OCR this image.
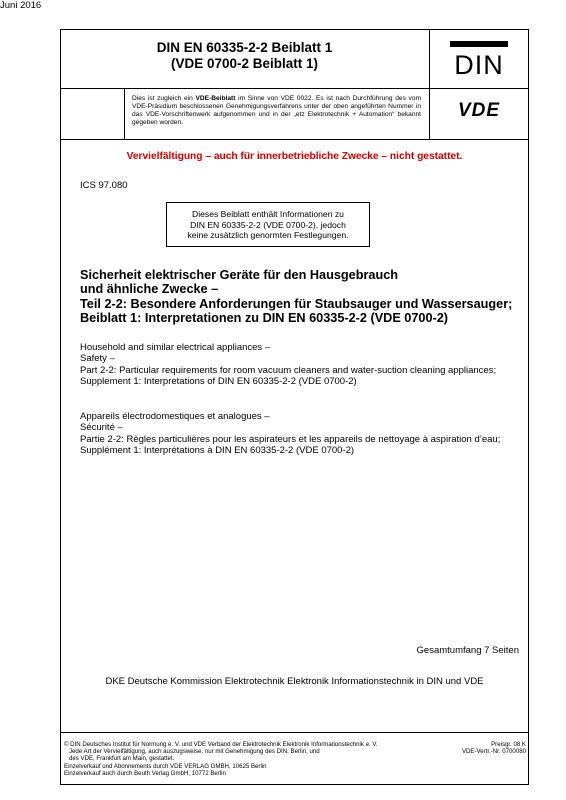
Juni 2016
DIN EN 60335-2-2 Beiblatt 1
(VDE 0700-2 Beiblatt 1)
Dies ist zugleich ein VDE-Beiblatt im Sinne von VDE 0022. Es ist nach Durchführung des vom VDE-Präsidium beschlossenen Genehmigungsverfahrens unter der oben angeführten Nummer in das VDE-Vorschriftenwerk aufgenommen und in der „etz Elektrotechnik + Automation“ bekannt gegeben worden.
DIN
VDE
Vervielfältigung – auch für innerbetriebliche Zwecke – nicht gestattet.
ICS 97.080
Dieses Beiblatt enthält Informationen zu
DIN EN 60335-2-2 (VDE 0700-2), jedoch
keine zusätzlich genormten Festlegungen.
Sicherheit elektrischer Geräte für den Hausgebrauch
und ähnliche Zwecke –
Teil 2-2: Besondere Anforderungen für Staubsauger und Wassersauger;
Beiblatt 1: Interpretationen zu DIN EN 60335-2-2 (VDE 0700-2)
Household and similar electrical appliances –
Safety –
Part 2-2: Particular requirements for room vacuum cleaners and water-suction cleaning appliances;
Supplement 1: Interpretations of DIN EN 60335-2-2 (VDE 0700-2)
Appareils électrodomestiques et analogues –
Sécurité –
Partie 2-2: Règles particulières pour les aspirateurs et les appareils de nettoyage à aspiration d’eau;
Supplément 1: Interprétations à DIN EN 60335-2-2 (VDE 0700-2)
Gesamtumfang 7 Seiten
DKE Deutsche Kommission Elektrotechnik Elektronik Informationstechnik in DIN und VDE
© DIN Deutsches Institut für Normung e. V. und VDE Verband der Elektrotechnik Elektronik Informationstechnik e. V.
Jede Art der Vervielfältigung, auch auszugsweise, nur mit Genehmigung des DIN, Berlin, und
des VDE, Frankfurt am Main, gestattet.
Einzelverkauf und Abonnements durch VDE VERLAG GMBH, 10625 Berlin
Einzelverkauf auch durch Beuth Verlag GmbH, 10772 Berlin
Preisgr. 08 K
VDE-Vertr.-Nr. 0700080
